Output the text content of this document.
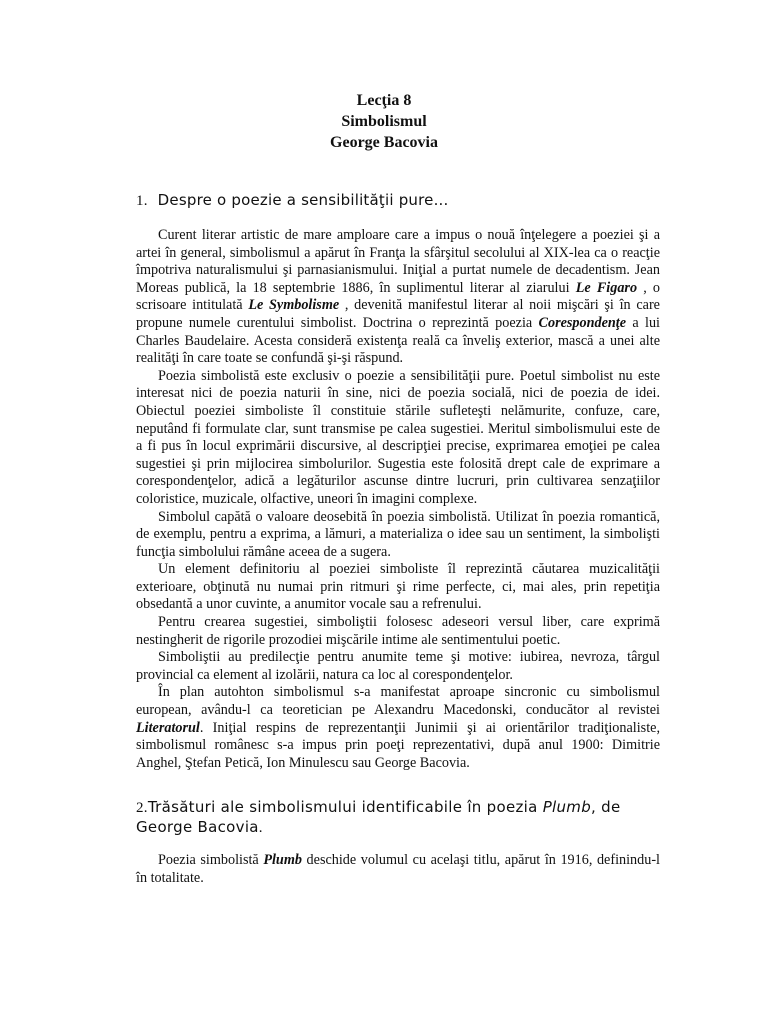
Lecţia 8
Simbolismul
George Bacovia
1. Despre o poezie a sensibilităţii pure...

Curent literar artistic de mare amploare care a impus o nouă înţelegere a poeziei şi a artei în general, simbolismul a apărut în Franţa la sfârşitul secolului al XIX-lea ca o reacţie împotriva naturalismului şi parnasianismului. Iniţial a purtat numele de decadentism. Jean Moreas publică, la 18 septembrie 1886, în suplimentul literar al ziarului Le Figaro , o scrisoare intitulată Le Symbolisme , devenită manifestul literar al noii mişcări şi în care propune numele curentului simbolist. Doctrina o reprezintă poezia Corespondenţe a lui Charles Baudelaire. Acesta consideră existenţa reală ca înveliş exterior, mască a unei alte realităţi în care toate se confundă şi-şi răspund.

Poezia simbolistă este exclusiv o poezie a sensibilităţii pure. Poetul simbolist nu este interesat nici de poezia naturii în sine, nici de poezia socială, nici de poezia de idei. Obiectul poeziei simboliste îl constituie stările sufleteşti nelămurite, confuze, care, neputând fi formulate clar, sunt transmise pe calea sugestiei. Meritul simbolismului este de a fi pus în locul exprimării discursive, al descripţiei precise, exprimarea emoţiei pe calea sugestiei şi prin mijlocirea simbolurilor. Sugestia este folosită drept cale de exprimare a corespondenţelor, adică a legăturilor ascunse dintre lucruri, prin cultivarea senzaţiilor coloristice, muzicale, olfactive, uneori în imagini complexe.

Simbolul capătă o valoare deosebită în poezia simbolistă. Utilizat în poezia romantică, de exemplu, pentru a exprima, a lămuri, a materializa o idee sau un sentiment, la simbolişti funcţia simbolului rămâne aceea de a sugera.

Un element definitoriu al poeziei simboliste îl reprezintă căutarea muzicalităţii exterioare, obţinută nu numai prin ritmuri şi rime perfecte, ci, mai ales, prin repetiţia obsedantă a unor cuvinte, a anumitor vocale sau a refrenului.

Pentru crearea sugestiei, simboliştii folosesc adeseori versul liber, care exprimă nestingherit de rigorile prozodiei mişcările intime ale sentimentului poetic.

Simboliştii au predilecţie pentru anumite teme şi motive: iubirea, nevroza, târgul provincial ca element al izolării, natura ca loc al corespondenţelor.

În plan autohton simbolismul s-a manifestat aproape sincronic cu simbolismul european, avându-l ca teoretician pe Alexandru Macedonski, conducător al revistei Literatorul. Iniţial respins de reprezentanţii Junimii şi ai orientărilor tradiţionaliste, simbolismul românesc s-a impus prin poeţi reprezentativi, după anul 1900: Dimitrie Anghel, Ştefan Petică, Ion Minulescu sau George Bacovia.

2.Trăsături ale simbolismului identificabile în poezia Plumb, de George Bacovia.

Poezia simbolistă Plumb deschide volumul cu acelaşi titlu, apărut în 1916, definindu-l în totalitate.
